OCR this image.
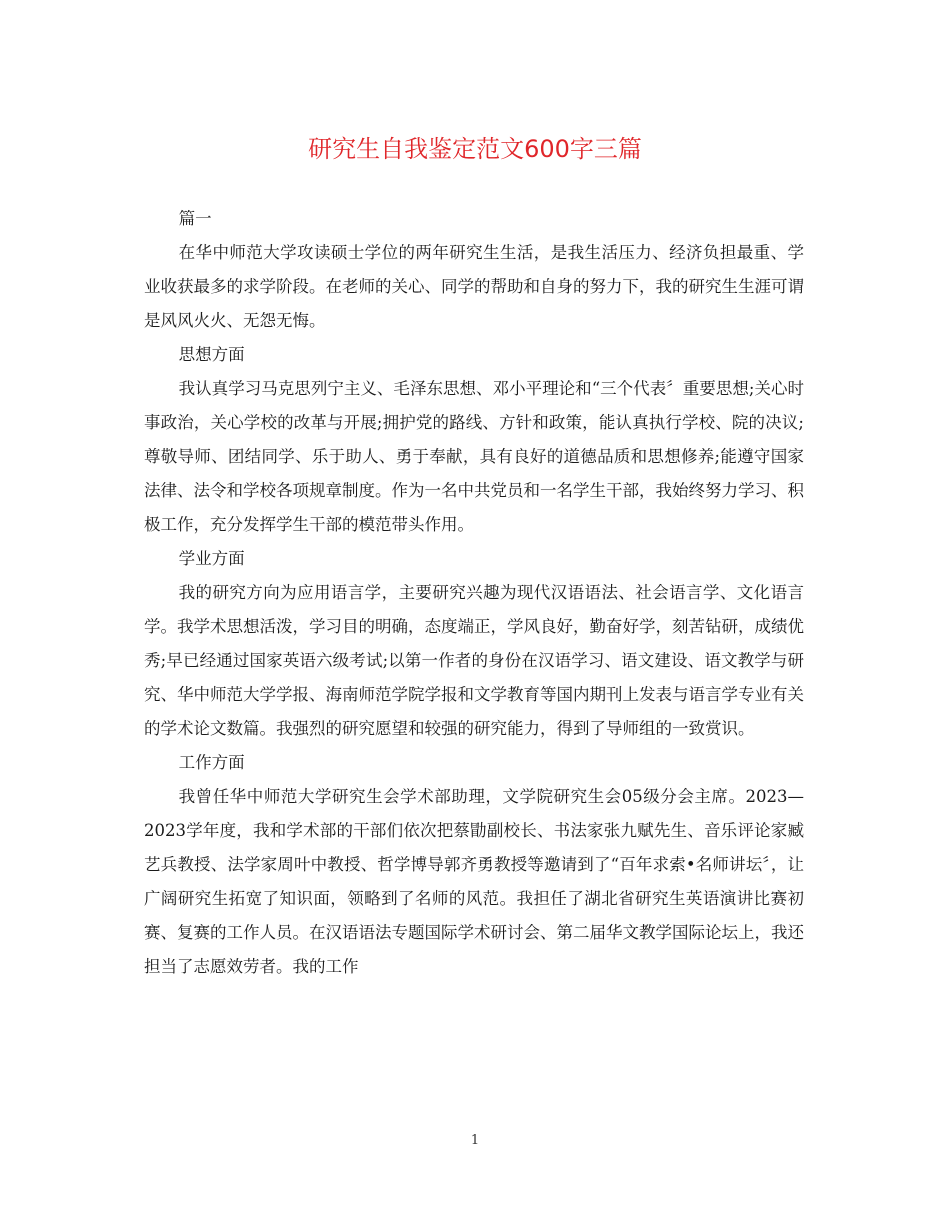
研究生自我鉴定范文600字三篇

篇一

在华中师范大学攻读硕士学位的两年研究生生活，是我生活压力、经济负担最重、学业收获最多的求学阶段。在老师的关心、同学的帮助和自身的努力下，我的研究生生涯可谓是风风火火、无怨无悔。

思想方面

我认真学习马克思列宁主义、毛泽东思想、邓小平理论和“三个代表〞重要思想;关心时事政治，关心学校的改革与开展;拥护党的路线、方针和政策，能认真执行学校、院的决议;尊敬导师、团结同学、乐于助人、勇于奉献，具有良好的道德品质和思想修养;能遵守国家法律、法令和学校各项规章制度。作为一名中共党员和一名学生干部，我始终努力学习、积极工作，充分发挥学生干部的模范带头作用。

学业方面

我的研究方向为应用语言学，主要研究兴趣为现代汉语语法、社会语言学、文化语言学。我学术思想活泼，学习目的明确，态度端正，学风良好，勤奋好学，刻苦钻研，成绩优秀;早已经通过国家英语六级考试;以第一作者的身份在汉语学习、语文建设、语文教学与研究、华中师范大学学报、海南师范学院学报和文学教育等国内期刊上发表与语言学专业有关的学术论文数篇。我强烈的研究愿望和较强的研究能力，得到了导师组的一致赏识。

工作方面

我曾任华中师范大学研究生会学术部助理，文学院研究生会05级分会主席。2023—2023学年度，我和学术部的干部们依次把蔡勖副校长、书法家张九赋先生、音乐评论家臧艺兵教授、法学家周叶中教授、哲学博导郭齐勇教授等邀请到了“百年求索•名师讲坛〞，让广阔研究生拓宽了知识面，领略到了名师的风范。我担任了湖北省研究生英语演讲比赛初赛、复赛的工作人员。在汉语语法专题国际学术研讨会、第二届华文教学国际论坛上，我还担当了志愿效劳者。我的工作

1
